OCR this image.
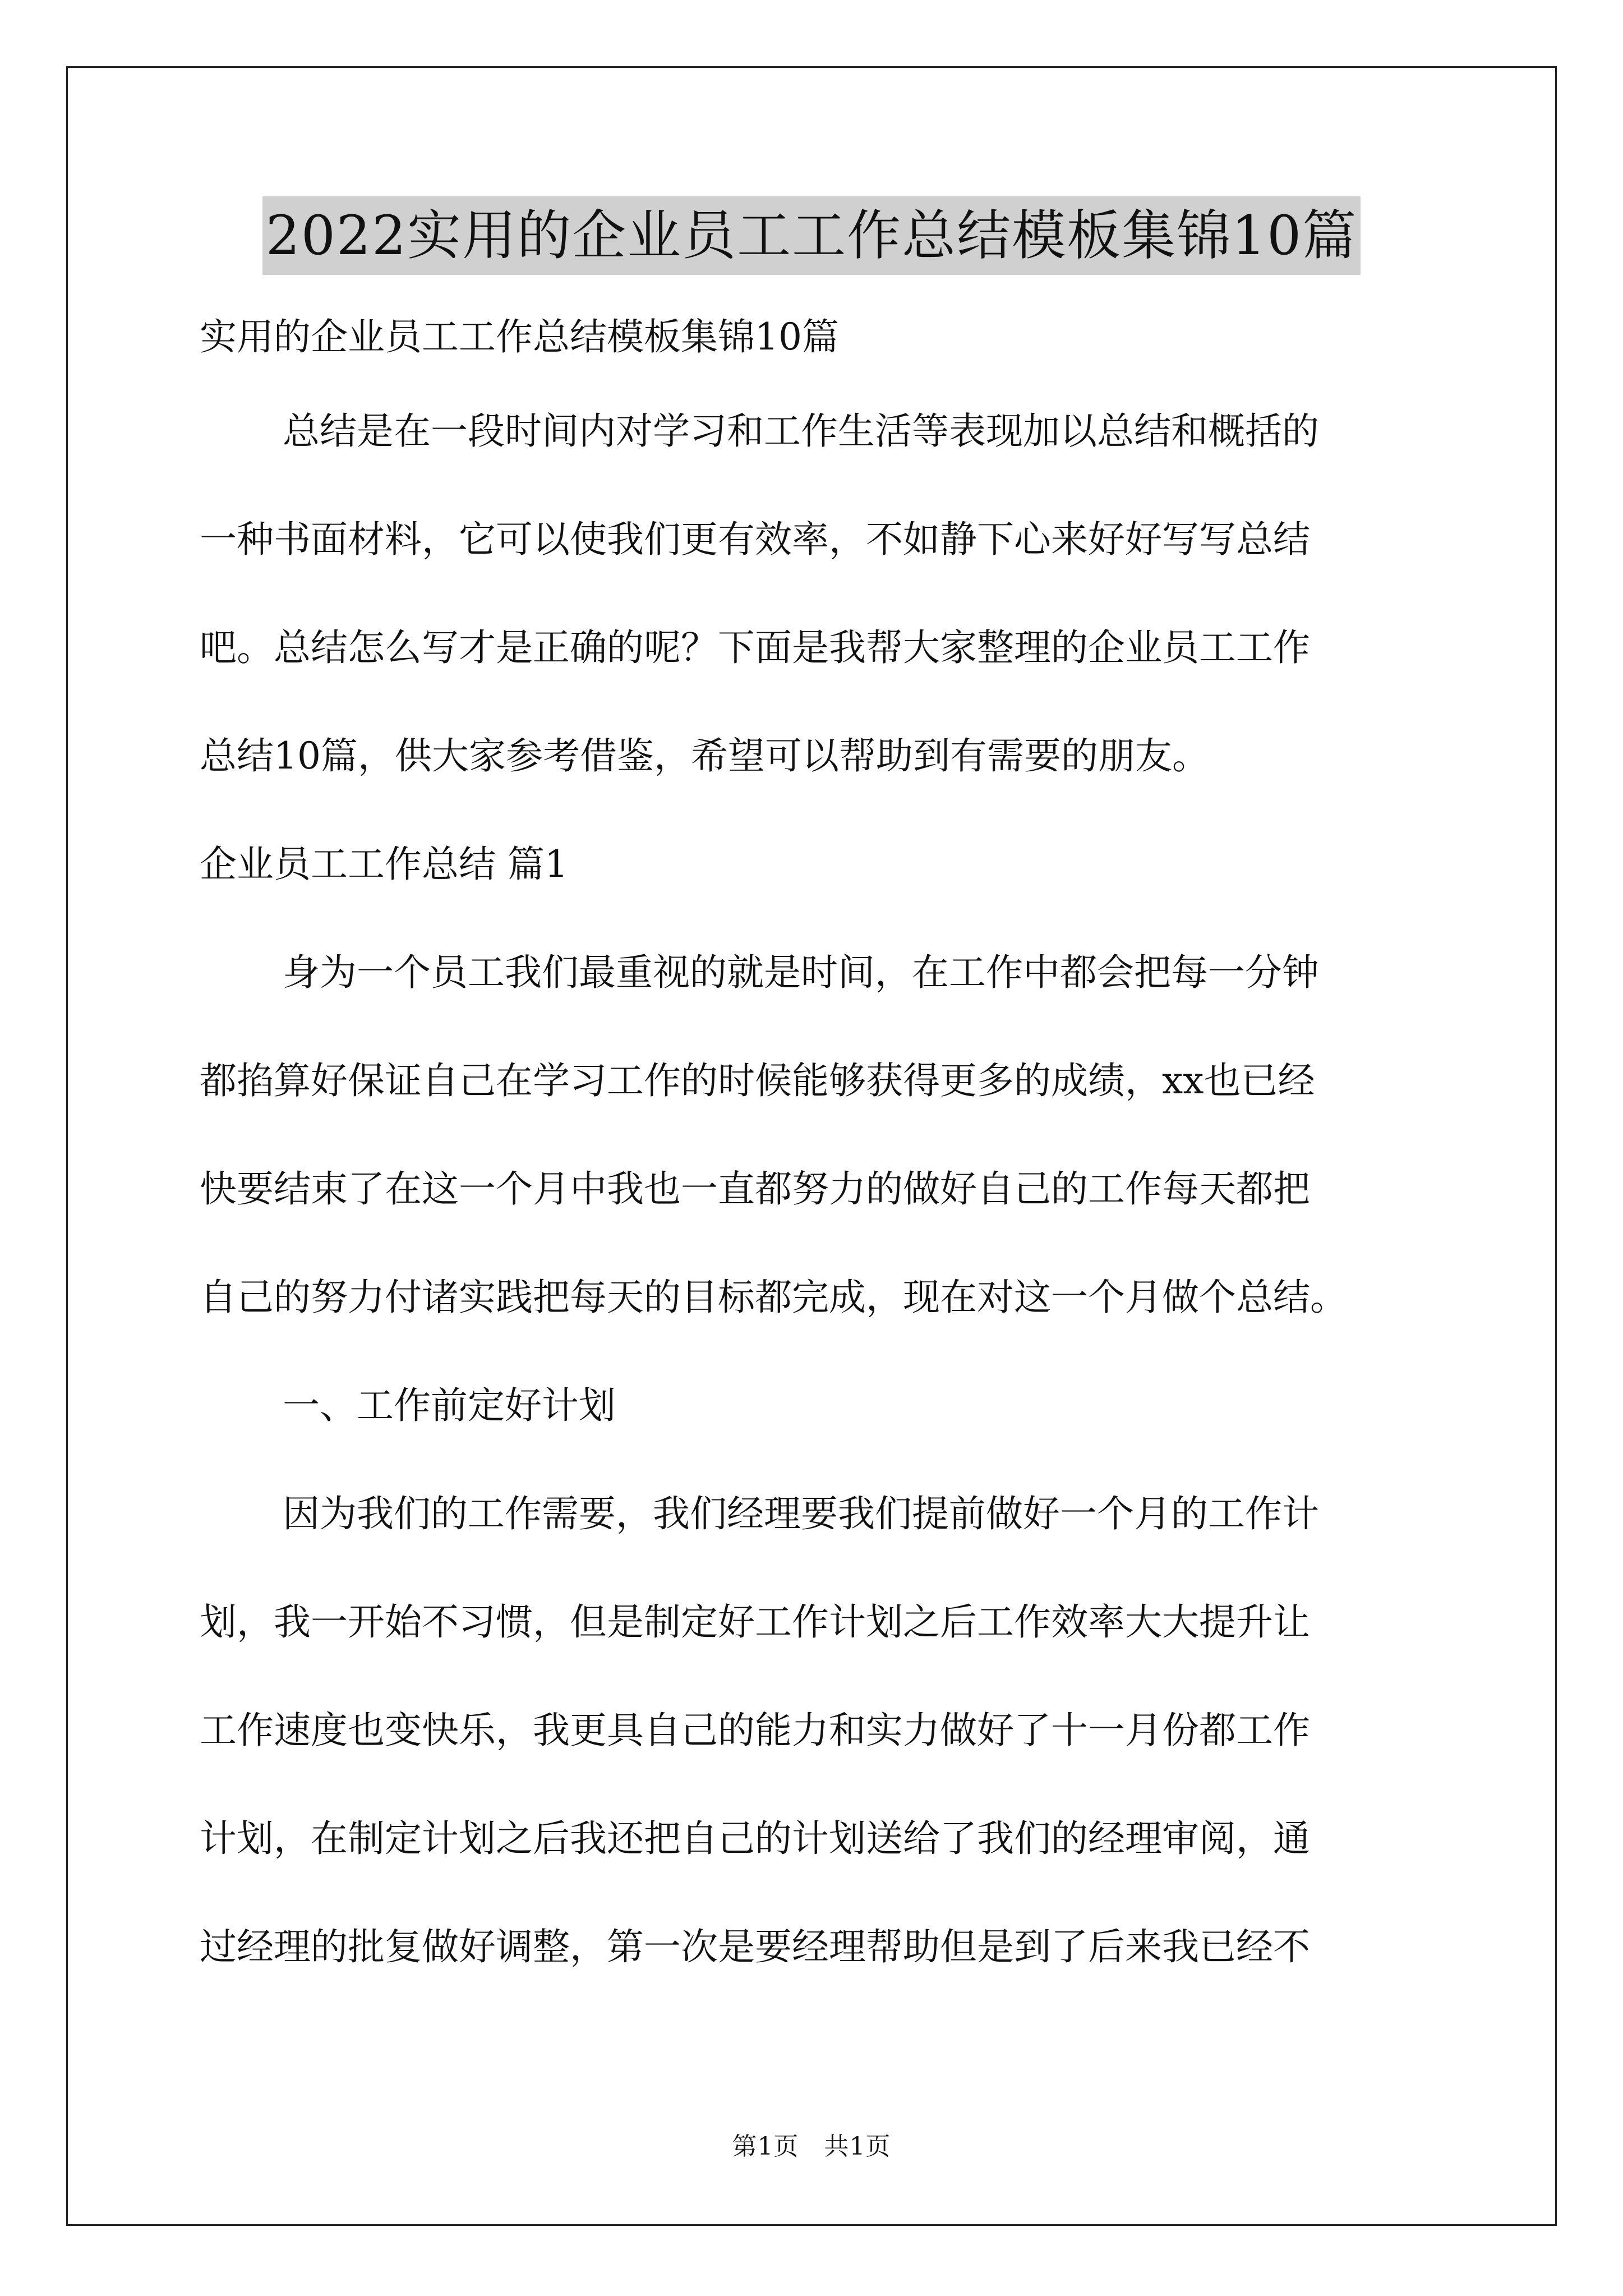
2022实用的企业员工工作总结模板集锦10篇
实用的企业员工工作总结模板集锦10篇
总结是在一段时间内对学习和工作生活等表现加以总结和概括的
一种书面材料，它可以使我们更有效率，不如静下心来好好写写总结
吧。总结怎么写才是正确的呢？下面是我帮大家整理的企业员工工作
总结10篇，供大家参考借鉴，希望可以帮助到有需要的朋友。
企业员工工作总结 篇1
身为一个员工我们最重视的就是时间，在工作中都会把每一分钟
都掐算好保证自己在学习工作的时候能够获得更多的成绩，xx也已经
快要结束了在这一个月中我也一直都努力的做好自己的工作每天都把
自己的努力付诸实践把每天的目标都完成，现在对这一个月做个总结。
一、工作前定好计划
因为我们的工作需要，我们经理要我们提前做好一个月的工作计
划，我一开始不习惯，但是制定好工作计划之后工作效率大大提升让
工作速度也变快乐，我更具自己的能力和实力做好了十一月份都工作
计划，在制定计划之后我还把自己的计划送给了我们的经理审阅，通
过经理的批复做好调整，第一次是要经理帮助但是到了后来我已经不
第1页　共1页
